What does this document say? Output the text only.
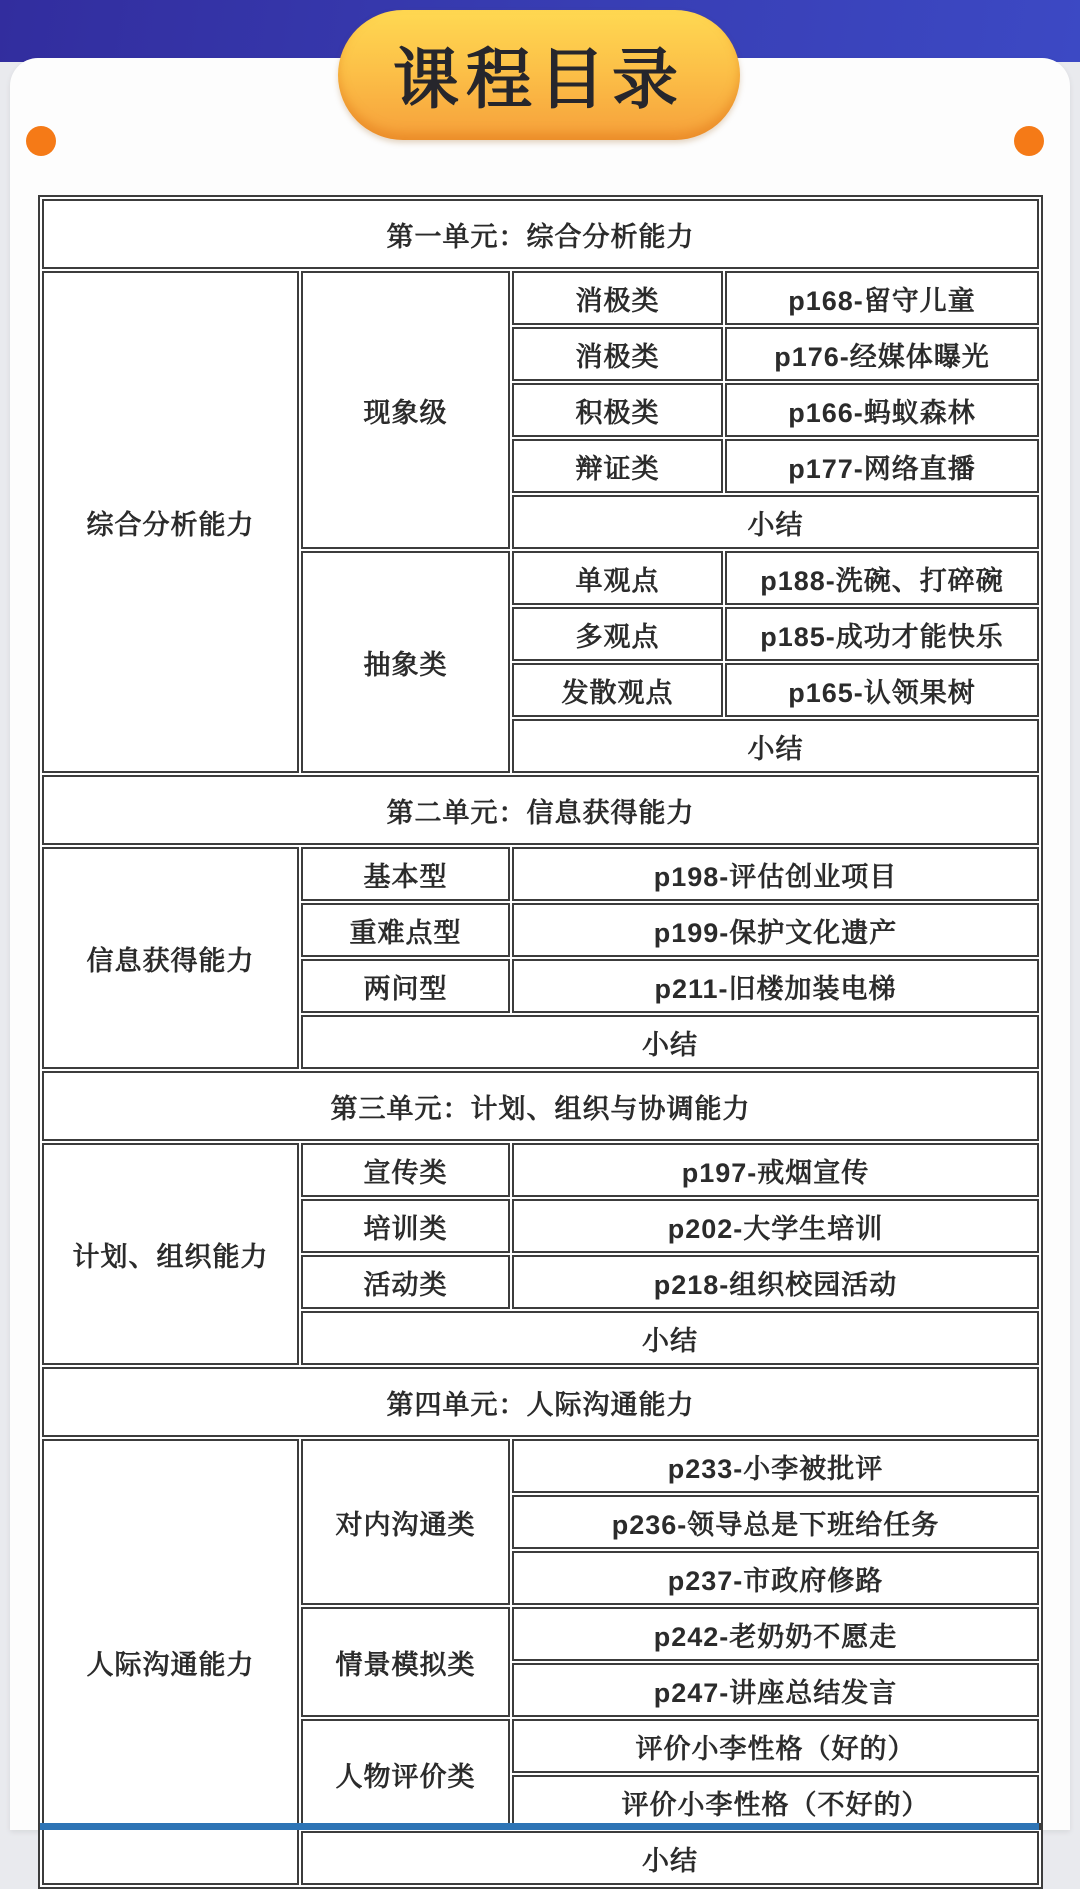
课程目录
第一单元：综合分析能力			
综合分析能力	现象级	消极类	p168-留守儿童
		消极类	p176-经媒体曝光
		积极类	p166-蚂蚁森林
		辩证类	p177-网络直播
		小结	
	抽象类	单观点	p188-洗碗、打碎碗
		多观点	p185-成功才能快乐
		发散观点	p165-认领果树
		小结	
第二单元：信息获得能力			
信息获得能力	基本型	p198-评估创业项目	
	重难点型	p199-保护文化遗产	
	两问型	p211-旧楼加装电梯	
	小结		
第三单元：计划、组织与协调能力			
计划、组织能力	宣传类	p197-戒烟宣传	
	培训类	p202-大学生培训	
	活动类	p218-组织校园活动	
	小结		
第四单元：人际沟通能力			
人际沟通能力	对内沟通类	p233-小李被批评	
		p236-领导总是下班给任务	
		p237-市政府修路	
	情景模拟类	p242-老奶奶不愿走	
		p247-讲座总结发言	
	人物评价类	评价小李性格（好的）	
		评价小李性格（不好的）	
	小结		
